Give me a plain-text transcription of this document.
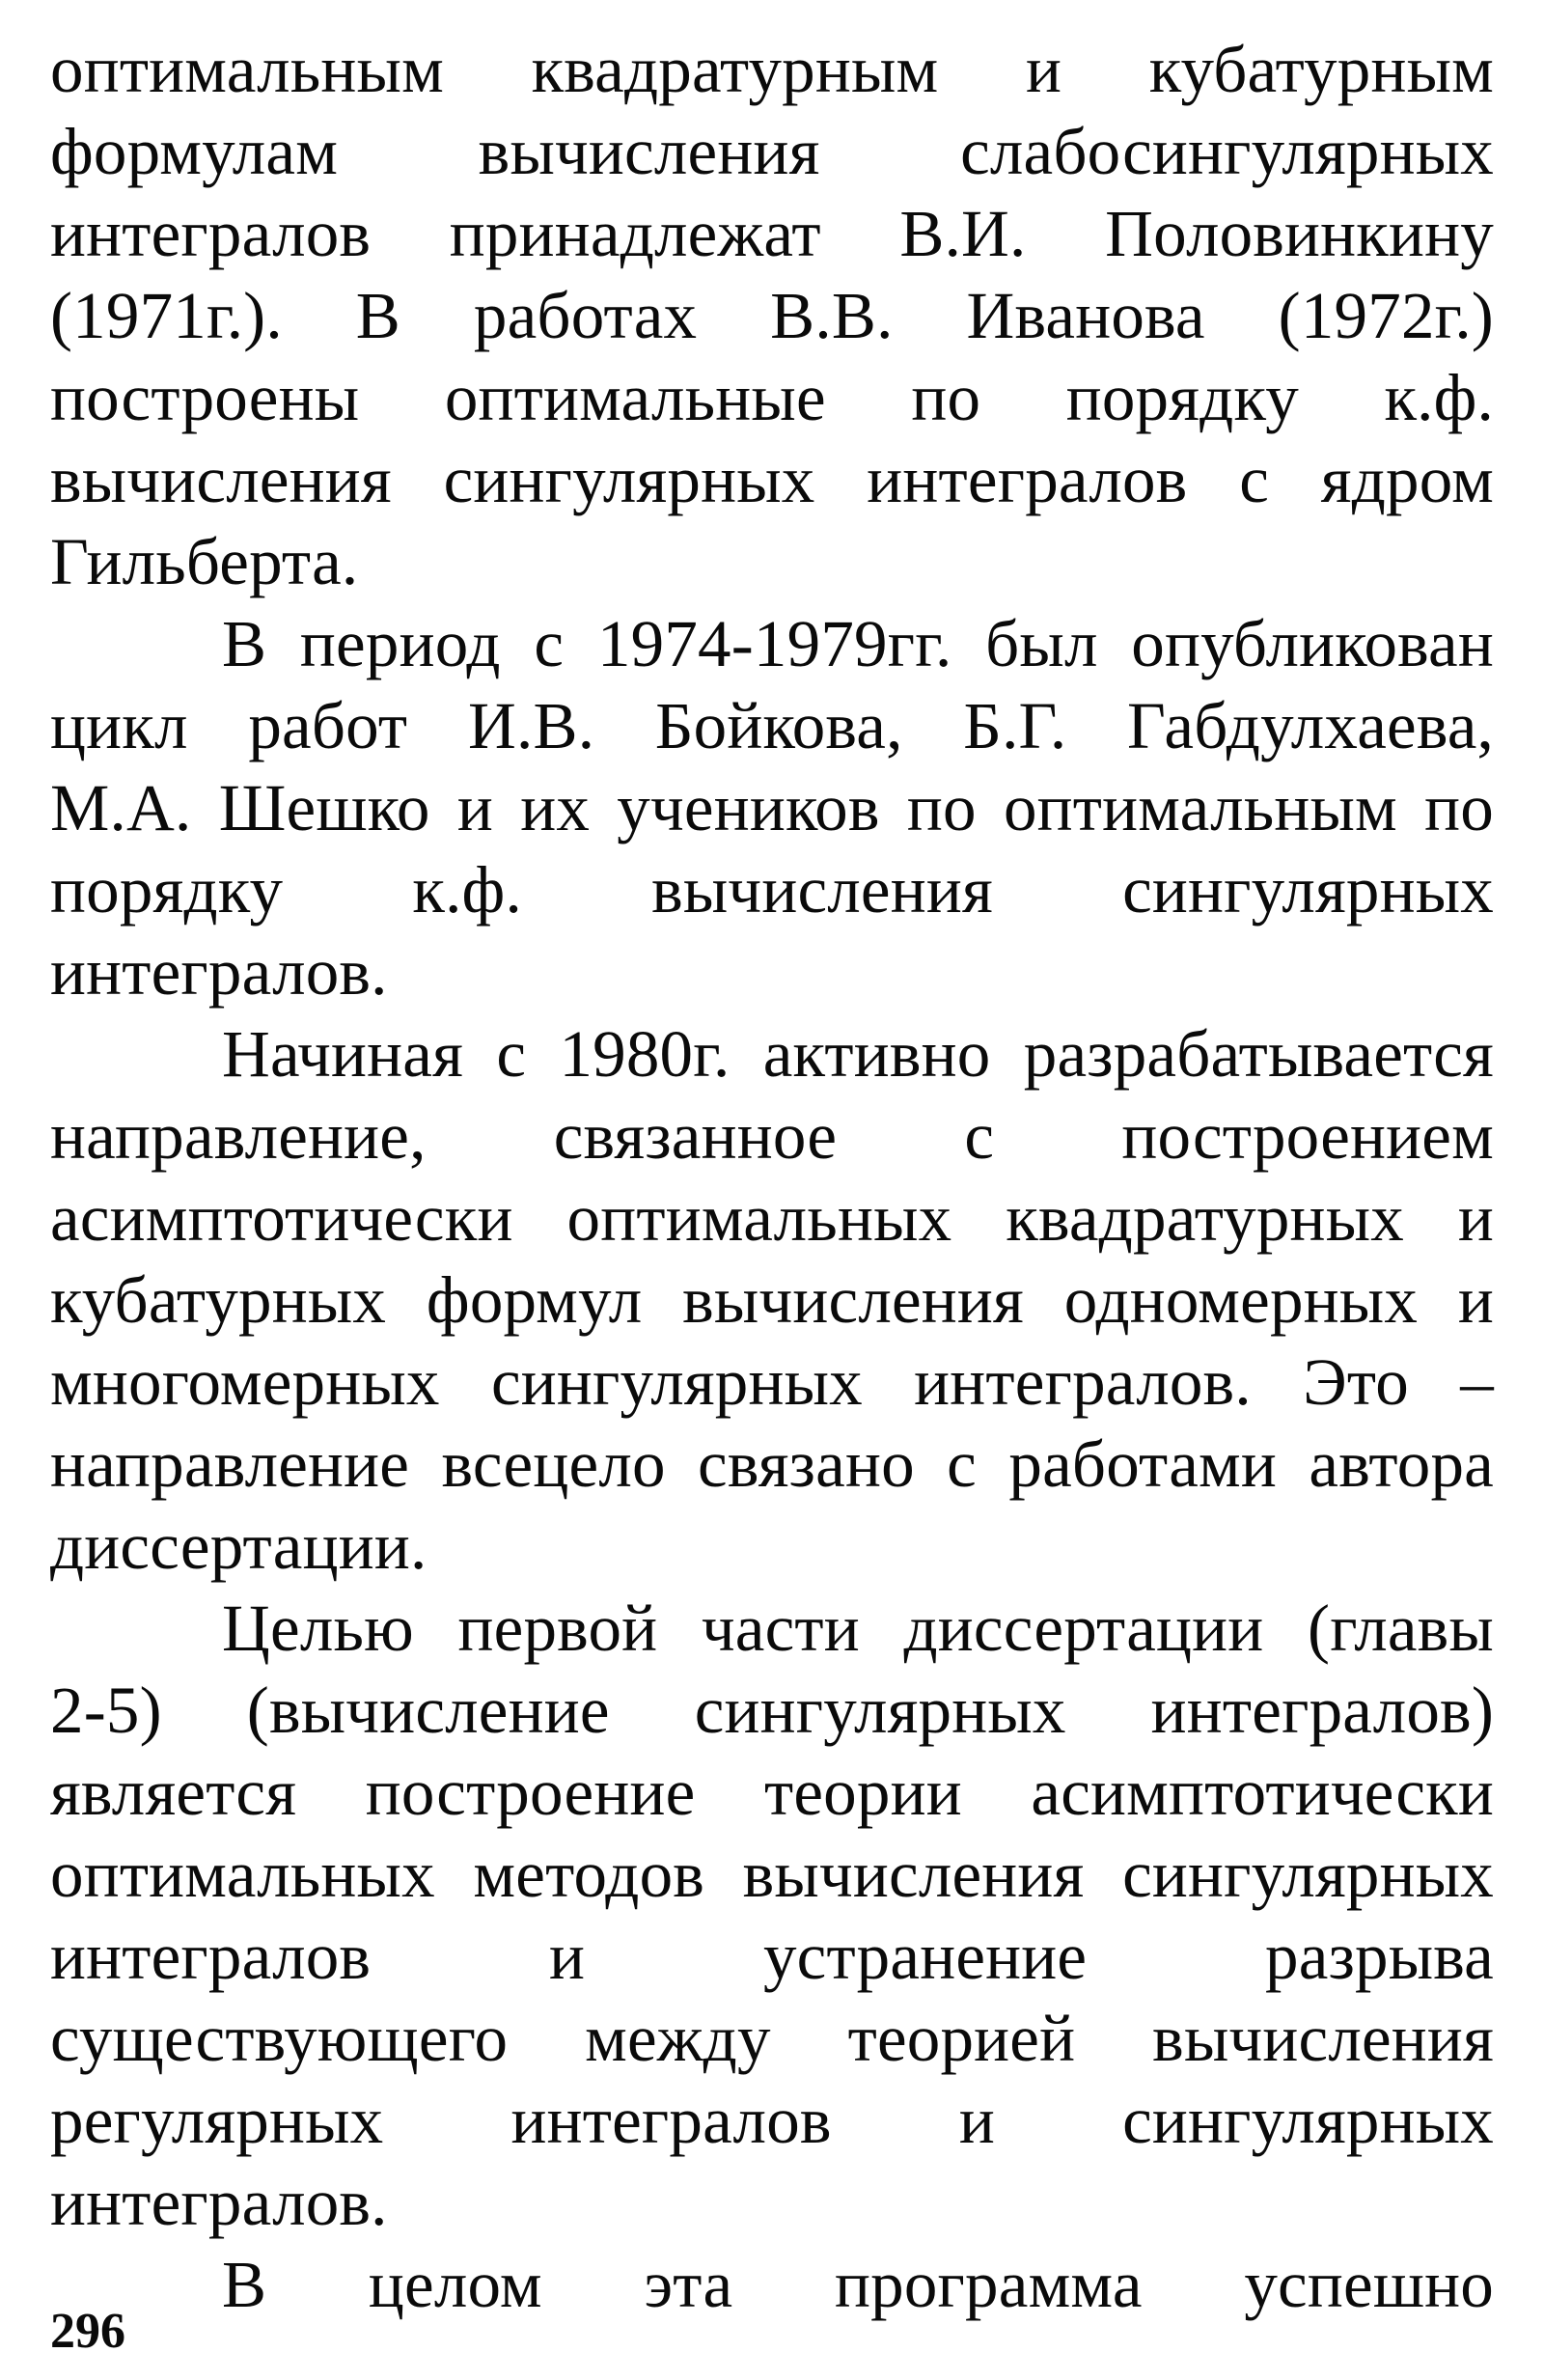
оптимальным квадратурным и кубатурным
формулам вычисления слабосингулярных
интегралов принадлежат В.И. Половинкину
(1971г.). В работах В.В. Иванова (1972г.)
построены оптимальные по порядку к.ф.
вычисления сингулярных интегралов с ядром
Гильберта.
В период с 1974-1979гг. был опубликован
цикл работ И.В. Бойкова, Б.Г. Габдулхаева,
М.А. Шешко и их учеников по оптимальным по
порядку к.ф. вычисления сингулярных
интегралов.
Начиная с 1980г. активно разрабатывается
направление, связанное с построением
асимптотически оптимальных квадратурных и
кубатурных формул вычисления одномерных и
многомерных сингулярных интегралов. Это –
направление всецело связано с работами автора
диссертации.
Целью первой части диссертации (главы
2-5) (вычисление сингулярных интегралов)
является построение теории асимптотически
оптимальных методов вычисления сингулярных
интегралов и устранение разрыва
существующего между теорией вычисления
регулярных интегралов и сингулярных
интегралов.
В целом эта программа успешно
296
